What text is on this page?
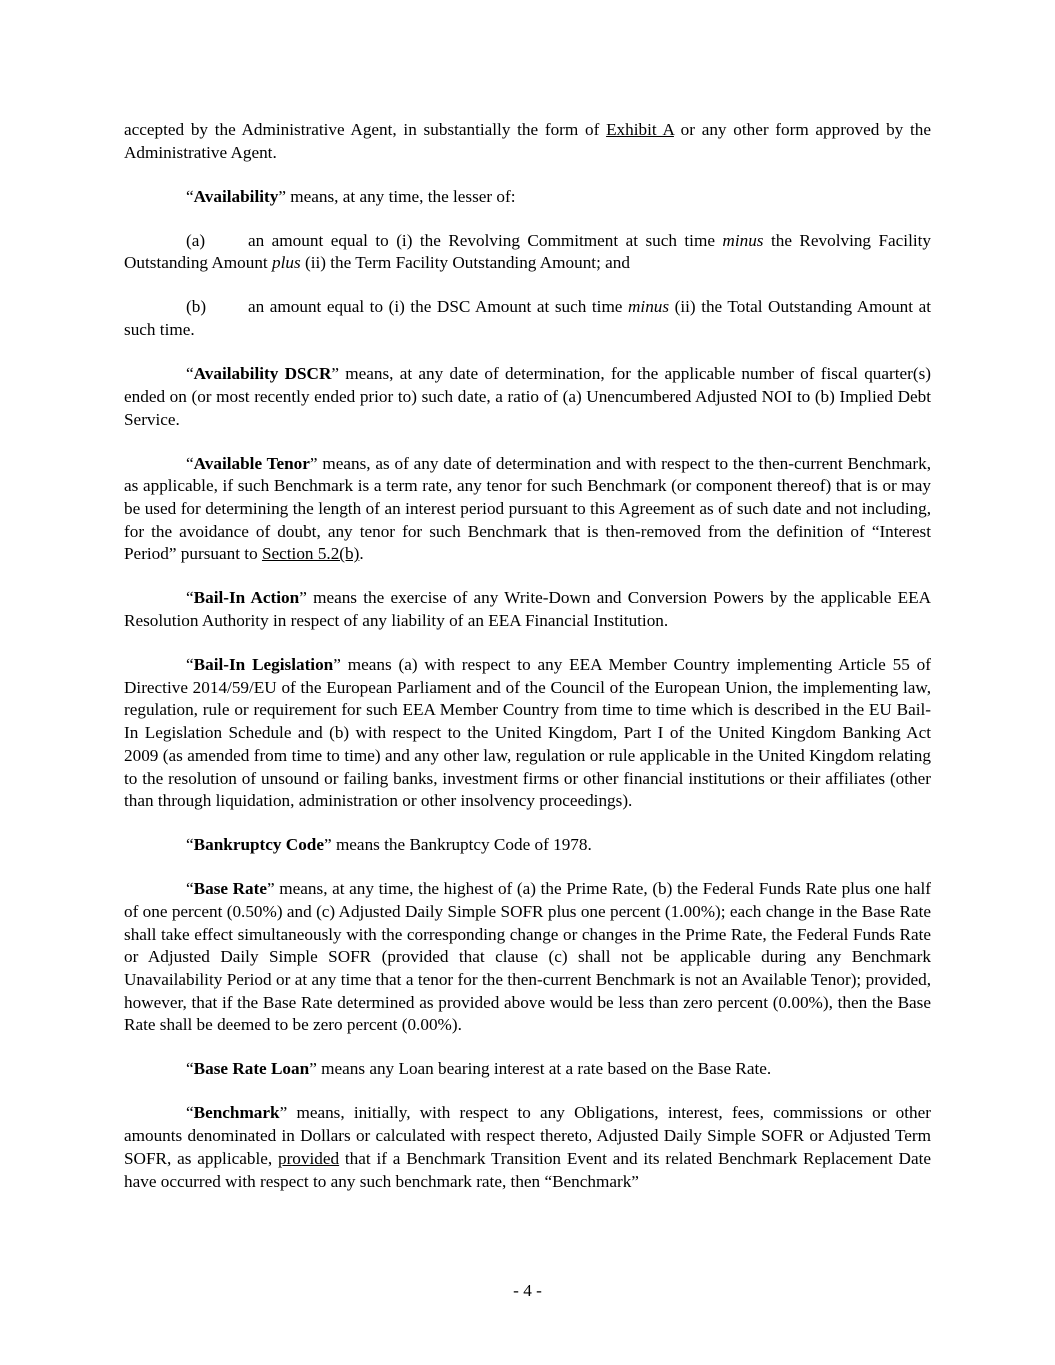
accepted by the Administrative Agent, in substantially the form of Exhibit A or any other form approved by the Administrative Agent.

“Availability” means, at any time, the lesser of:

(a) an amount equal to (i) the Revolving Commitment at such time minus the Revolving Facility Outstanding Amount plus (ii) the Term Facility Outstanding Amount; and

(b) an amount equal to (i) the DSC Amount at such time minus (ii) the Total Outstanding Amount at such time.

“Availability DSCR” means, at any date of determination, for the applicable number of fiscal quarter(s) ended on (or most recently ended prior to) such date, a ratio of (a) Unencumbered Adjusted NOI to (b) Implied Debt Service.

“Available Tenor” means, as of any date of determination and with respect to the then-current Benchmark, as applicable, if such Benchmark is a term rate, any tenor for such Benchmark (or component thereof) that is or may be used for determining the length of an interest period pursuant to this Agreement as of such date and not including, for the avoidance of doubt, any tenor for such Benchmark that is then-removed from the definition of “Interest Period” pursuant to Section 5.2(b).

“Bail-In Action” means the exercise of any Write-Down and Conversion Powers by the applicable EEA Resolution Authority in respect of any liability of an EEA Financial Institution.

“Bail-In Legislation” means (a) with respect to any EEA Member Country implementing Article 55 of Directive 2014/59/EU of the European Parliament and of the Council of the European Union, the implementing law, regulation, rule or requirement for such EEA Member Country from time to time which is described in the EU Bail-In Legislation Schedule and (b) with respect to the United Kingdom, Part I of the United Kingdom Banking Act 2009 (as amended from time to time) and any other law, regulation or rule applicable in the United Kingdom relating to the resolution of unsound or failing banks, investment firms or other financial institutions or their affiliates (other than through liquidation, administration or other insolvency proceedings).

“Bankruptcy Code” means the Bankruptcy Code of 1978.

“Base Rate” means, at any time, the highest of (a) the Prime Rate, (b) the Federal Funds Rate plus one half of one percent (0.50%) and (c) Adjusted Daily Simple SOFR plus one percent (1.00%); each change in the Base Rate shall take effect simultaneously with the corresponding change or changes in the Prime Rate, the Federal Funds Rate or Adjusted Daily Simple SOFR (provided that clause (c) shall not be applicable during any Benchmark Unavailability Period or at any time that a tenor for the then-current Benchmark is not an Available Tenor); provided, however, that if the Base Rate determined as provided above would be less than zero percent (0.00%), then the Base Rate shall be deemed to be zero percent (0.00%).

“Base Rate Loan” means any Loan bearing interest at a rate based on the Base Rate.

“Benchmark” means, initially, with respect to any Obligations, interest, fees, commissions or other amounts denominated in Dollars or calculated with respect thereto, Adjusted Daily Simple SOFR or Adjusted Term SOFR, as applicable, provided that if a Benchmark Transition Event and its related Benchmark Replacement Date have occurred with respect to any such benchmark rate, then “Benchmark”

- 4 -
